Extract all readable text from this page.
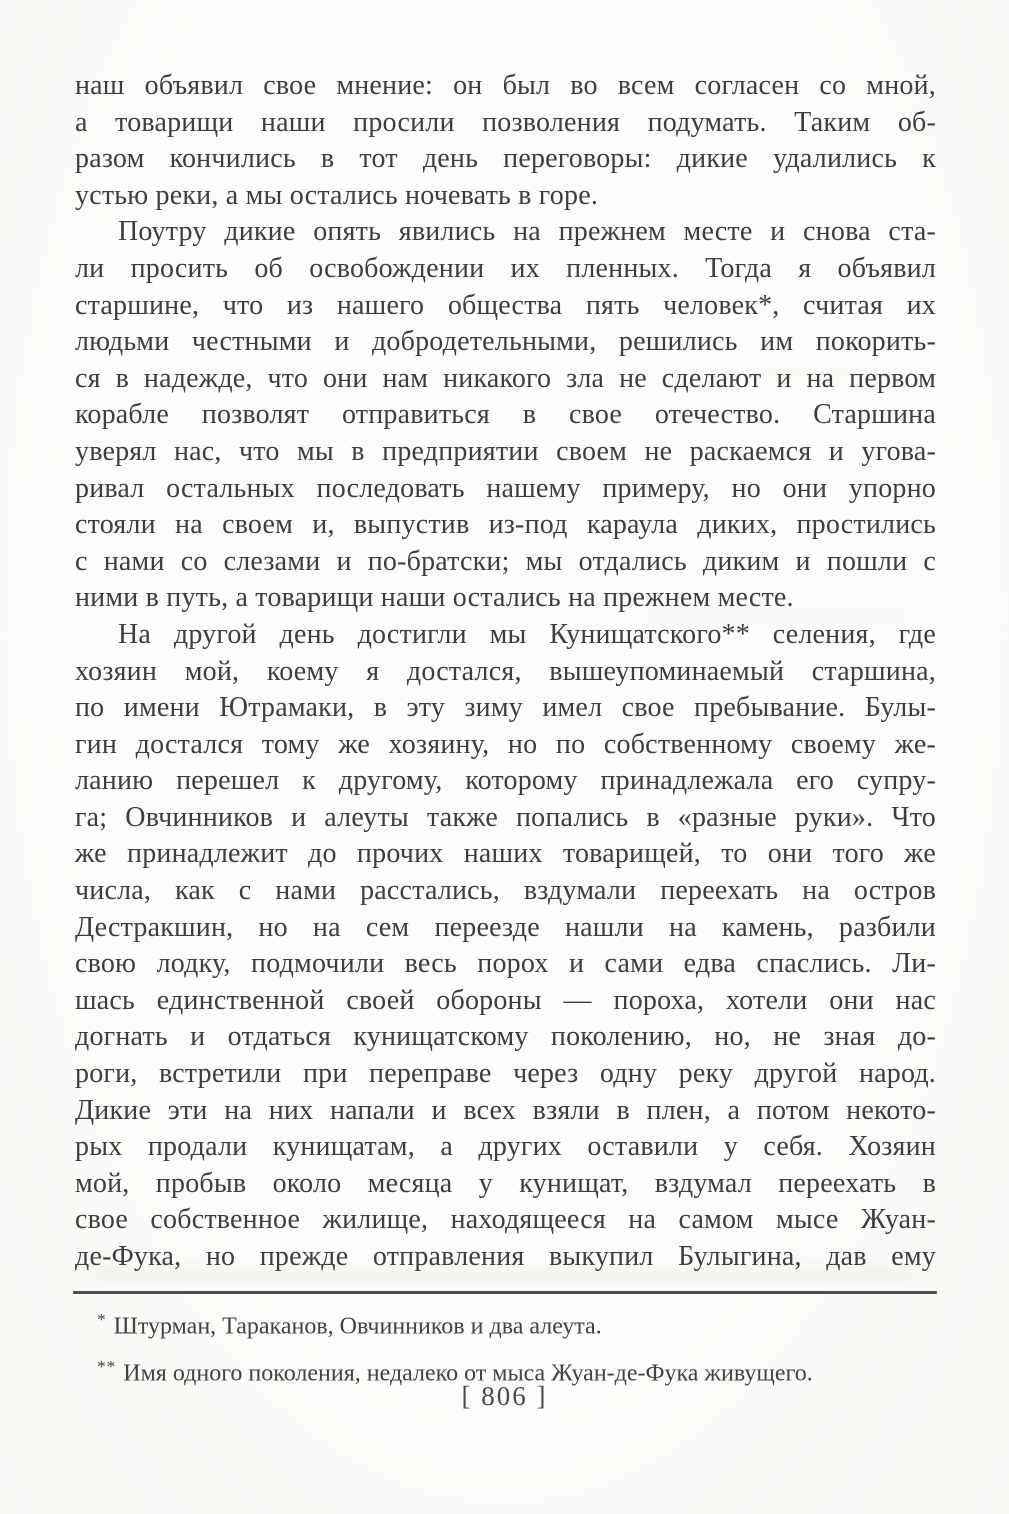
наш объявил свое мнение: он был во всем согласен со мной,
а товарищи наши просили позволения подумать. Таким об-
разом кончились в тот день переговоры: дикие удалились к
устью реки, а мы остались ночевать в горе.
Поутру дикие опять явились на прежнем месте и снова ста-
ли просить об освобождении их пленных. Тогда я объявил
старшине, что из нашего общества пять человек*, считая их
людьми честными и добродетельными, решились им покорить-
ся в надежде, что они нам никакого зла не сделают и на первом
корабле позволят отправиться в свое отечество. Старшина
уверял нас, что мы в предприятии своем не раскаемся и угова-
ривал остальных последовать нашему примеру, но они упорно
стояли на своем и, выпустив из-под караула диких, простились
с нами со слезами и по-братски; мы отдались диким и пошли с
ними в путь, а товарищи наши остались на прежнем месте.
На другой день достигли мы Кунищатского** селения, где
хозяин мой, коему я достался, вышеупоминаемый старшина,
по имени Ютрамаки, в эту зиму имел свое пребывание. Булы-
гин достался тому же хозяину, но по собственному своему же-
ланию перешел к другому, которому принадлежала его супру-
га; Овчинников и алеуты также попались в «разные руки». Что
же принадлежит до прочих наших товарищей, то они того же
числа, как с нами расстались, вздумали переехать на остров
Дестракшин, но на сем переезде нашли на камень, разбили
свою лодку, подмочили весь порох и сами едва спаслись. Ли-
шась единственной своей обороны — пороха, хотели они нас
догнать и отдаться кунищатскому поколению, но, не зная до-
роги, встретили при переправе через одну реку другой народ.
Дикие эти на них напали и всех взяли в плен, а потом некото-
рых продали кунищатам, а других оставили у себя. Хозяин
мой, пробыв около месяца у кунищат, вздумал переехать в
свое собственное жилище, находящееся на самом мысе Жуан-
де-Фука, но прежде отправления выкупил Булыгина, дав ему
* Штурман, Тараканов, Овчинников и два алеута.
** Имя одного поколения, недалеко от мыса Жуан-де-Фука живущего.
[ 806 ]
